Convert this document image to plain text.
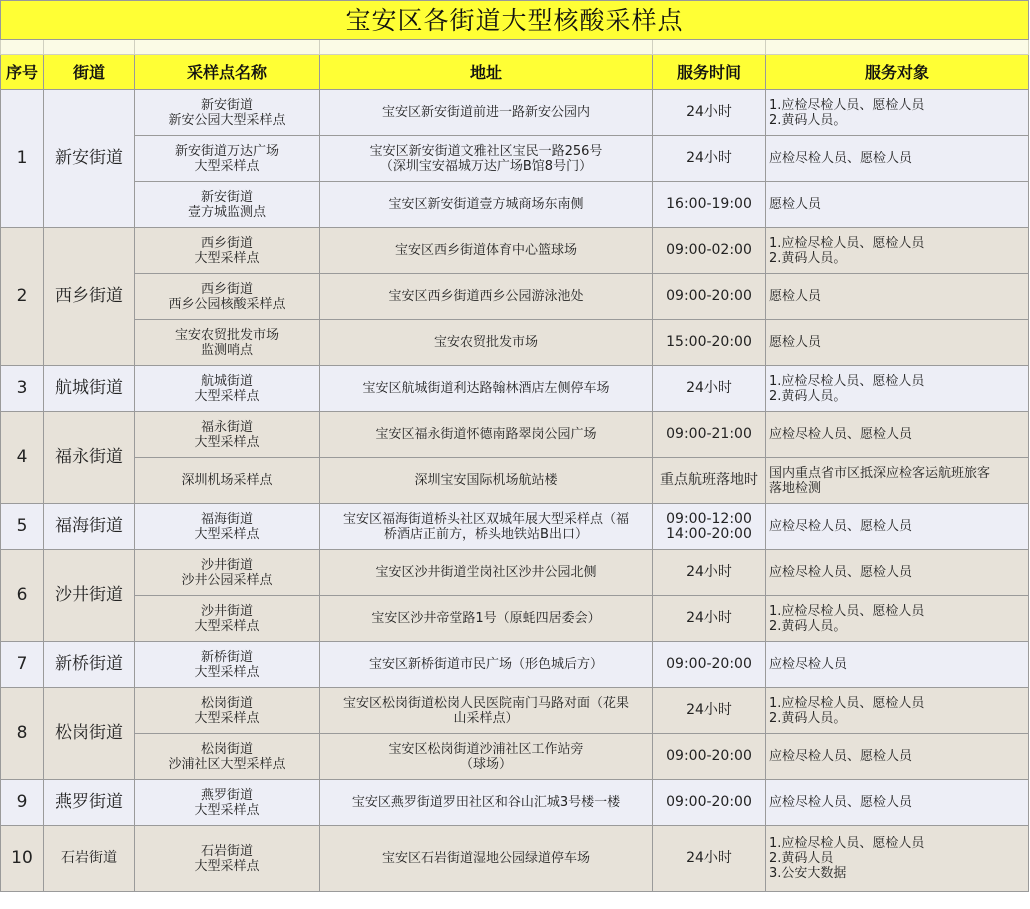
宝安区各街道大型核酸采样点					

序号	街道	采样点名称	地址	服务时间	服务对象
1	新安街道	新安街道
新安公园大型采样点	宝安区新安街道前进一路新安公园内	24小时	1.应检尽检人员、愿检人员
2.黄码人员。

		新安街道万达广场
大型采样点	宝安区新安街道文雅社区宝民一路256号
（深圳宝安福城万达广场B馆8号门）	24小时	应检尽检人员、愿检人员

		新安街道
壹方城监测点	宝安区新安街道壹方城商场东南侧	16:00-19:00	愿检人员

2	西乡街道	西乡街道
大型采样点	宝安区西乡街道体育中心篮球场	09:00-02:00	1.应检尽检人员、愿检人员
2.黄码人员。

		西乡街道
西乡公园核酸采样点	宝安区西乡街道西乡公园游泳池处	09:00-20:00	愿检人员

		宝安农贸批发市场
监测哨点	宝安农贸批发市场	15:00-20:00	愿检人员

3	航城街道	航城街道
大型采样点	宝安区航城街道利达路翰林酒店左侧停车场	24小时	1.应检尽检人员、愿检人员
2.黄码人员。

4	福永街道	福永街道
大型采样点	宝安区福永街道怀德南路翠岗公园广场	09:00-21:00	应检尽检人员、愿检人员

		深圳机场采样点	深圳宝安国际机场航站楼	重点航班落地时	国内重点省市区抵深应检客运航班旅客
落地检测

5	福海街道	福海街道
大型采样点	宝安区福海街道桥头社区双城年展大型采样点（福
桥酒店正前方，桥头地铁站B出口）	09:00-12:00
14:00-20:00	应检尽检人员、愿检人员

6	沙井街道	沙井街道
沙井公园采样点	宝安区沙井街道坣岗社区沙井公园北侧	24小时	应检尽检人员、愿检人员

		沙井街道
大型采样点	宝安区沙井帝堂路1号（原蚝四居委会）	24小时	1.应检尽检人员、愿检人员
2.黄码人员。

7	新桥街道	新桥街道
大型采样点	宝安区新桥街道市民广场（形色城后方）	09:00-20:00	应检尽检人员

8	松岗街道	松岗街道
大型采样点	宝安区松岗街道松岗人民医院南门马路对面（花果
山采样点）	24小时	1.应检尽检人员、愿检人员
2.黄码人员。

		松岗街道
沙浦社区大型采样点	宝安区松岗街道沙浦社区工作站旁
（球场）	09:00-20:00	应检尽检人员、愿检人员

9	燕罗街道	燕罗街道
大型采样点	宝安区燕罗街道罗田社区和谷山汇城3号楼一楼	09:00-20:00	应检尽检人员、愿检人员

10	石岩街道	石岩街道
大型采样点	宝安区石岩街道湿地公园绿道停车场	24小时	1.应检尽检人员、愿检人员
2.黄码人员
3.公安大数据
